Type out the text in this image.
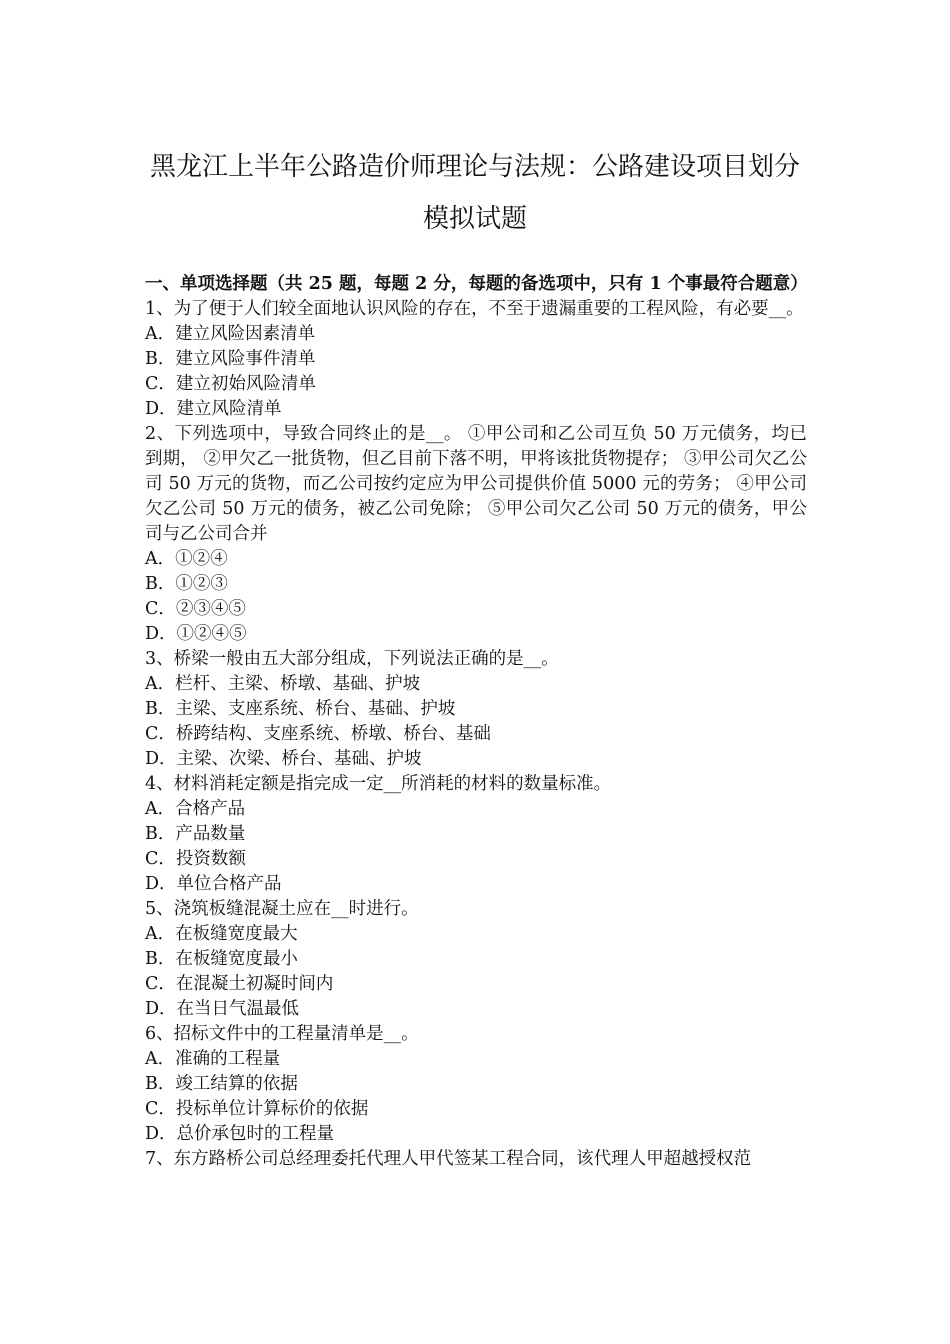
黑龙江上半年公路造价师理论与法规：公路建设项目划分
模拟试题

一、单项选择题（共 25 题，每题 2 分，每题的备选项中，只有 1 个事最符合题意）

1、为了便于人们较全面地认识风险的存在，不至于遗漏重要的工程风险，有必要__。

A．建立风险因素清单

B．建立风险事件清单

C．建立初始风险清单

D．建立风险清单

2、下列选项中，导致合同终止的是__。 ①甲公司和乙公司互负 50 万元债务，均已到期， ②甲欠乙一批货物，但乙目前下落不明，甲将该批货物提存； ③甲公司欠乙公司 50 万元的货物，而乙公司按约定应为甲公司提供价值 5000 元的劳务； ④甲公司欠乙公司 50 万元的债务，被乙公司免除； ⑤甲公司欠乙公司 50 万元的债务，甲公司与乙公司合并

A．①②④

B．①②③

C．②③④⑤

D．①②④⑤

3、桥梁一般由五大部分组成，下列说法正确的是__。

A．栏杆、主梁、桥墩、基础、护坡

B．主梁、支座系统、桥台、基础、护坡

C．桥跨结构、支座系统、桥墩、桥台、基础

D．主梁、次梁、桥台、基础、护坡

4、材料消耗定额是指完成一定__所消耗的材料的数量标准。

A．合格产品

B．产品数量

C．投资数额

D．单位合格产品

5、浇筑板缝混凝土应在__时进行。

A．在板缝宽度最大

B．在板缝宽度最小

C．在混凝土初凝时间内

D．在当日气温最低

6、招标文件中的工程量清单是__。

A．准确的工程量

B．竣工结算的依据

C．投标单位计算标价的依据

D．总价承包时的工程量

7、东方路桥公司总经理委托代理人甲代签某工程合同，该代理人甲超越授权范
